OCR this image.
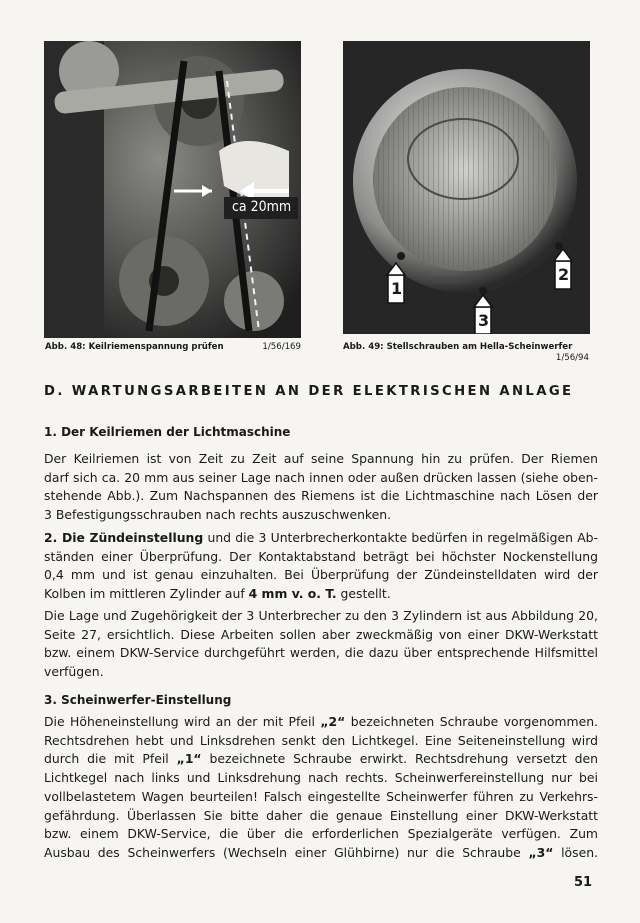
ca 20mm
1
2
3
Abb. 48: Keilriemenspannung prüfen	1/56/169	Abb. 49: Stellschrauben am Hella-Scheinwerfer
1/56/94
D. WARTUNGSARBEITEN AN DER ELEKTRISCHEN ANLAGE
1. Der Keilriemen der Lichtmaschine
Der Keilriemen ist von Zeit zu Zeit auf seine Spannung hin zu prüfen. Der Riemen
darf sich ca. 20 mm aus seiner Lage nach innen oder außen drücken lassen (siehe oben-
stehende Abb.). Zum Nachspannen des Riemens ist die Lichtmaschine nach Lösen der
3 Befestigungsschrauben nach rechts auszuschwenken.
2. Die Zündeinstellung und die 3 Unterbrecherkontakte bedürfen in regelmäßigen Ab-
ständen einer Überprüfung. Der Kontaktabstand beträgt bei höchster Nockenstellung
0,4 mm und ist genau einzuhalten. Bei Überprüfung der Zündeinstelldaten wird der
Kolben im mittleren Zylinder auf 4 mm v. o. T. gestellt.
Die Lage und Zugehörigkeit der 3 Unterbrecher zu den 3 Zylindern ist aus Abbildung 20,
Seite 27, ersichtlich. Diese Arbeiten sollen aber zweckmäßig von einer DKW-Werkstatt
bzw. einem DKW-Service durchgeführt werden, die dazu über entsprechende Hilfsmittel
verfügen.
3. Scheinwerfer-Einstellung
Die Höheneinstellung wird an der mit Pfeil „2“ bezeichneten Schraube vorgenommen.
Rechtsdrehen hebt und Linksdrehen senkt den Lichtkegel. Eine Seiteneinstellung wird
durch die mit Pfeil „1“ bezeichnete Schraube erwirkt. Rechtsdrehung versetzt den
Lichtkegel nach links und Linksdrehung nach rechts. Scheinwerfereinstellung nur bei
vollbelastetem Wagen beurteilen! Falsch eingestellte Scheinwerfer führen zu Verkehrs-
gefährdung. Überlassen Sie bitte daher die genaue Einstellung einer DKW-Werkstatt
bzw. einem DKW-Service, die über die erforderlichen Spezialgeräte verfügen. Zum
Ausbau des Scheinwerfers (Wechseln einer Glühbirne) nur die Schraube „3“ lösen.
51
